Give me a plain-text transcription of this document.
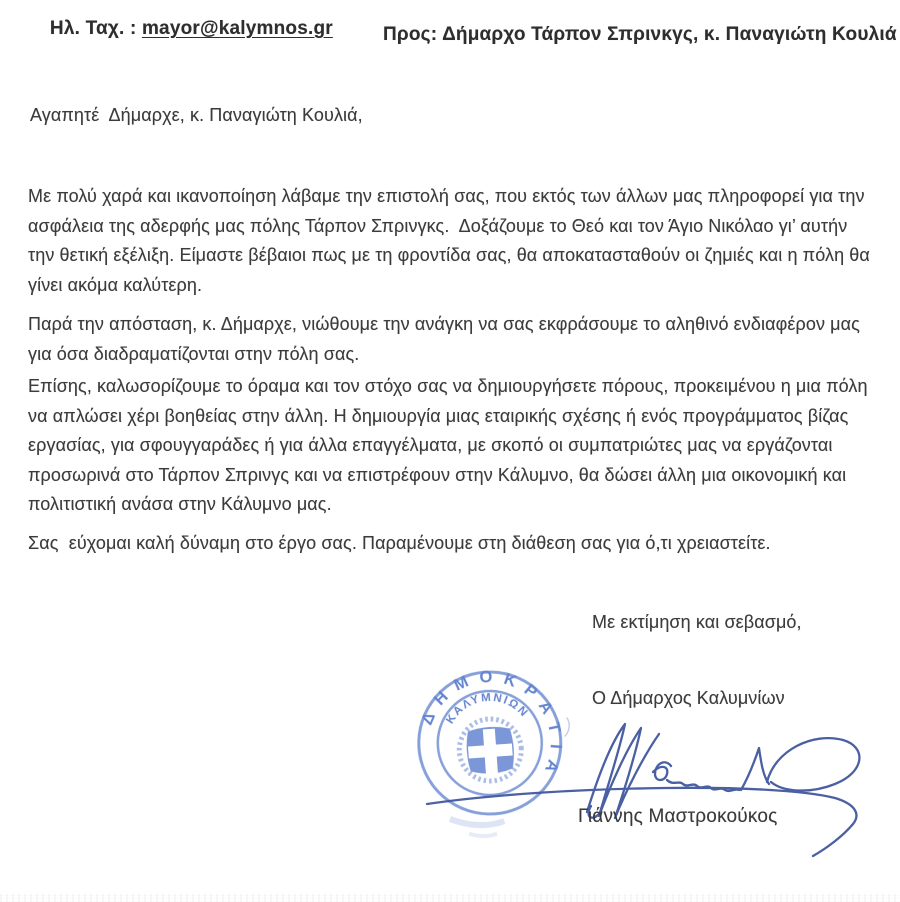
Ηλ. Ταχ. : mayor@kalymnos.gr
	Προς: Δήμαρχο Τάρπον Σπρινκγς, κ. Παναγιώτη Κουλιά
Αγαπητέ  Δήμαρχε, κ. Παναγιώτη Κουλιά,
Με πολύ χαρά και ικανοποίηση λάβαμε την επιστολή σας, που εκτός των άλλων μας πληροφορεί για την ασφάλεια της αδερφής μας πόλης Τάρπον Σπρινγκς.  Δοξάζουμε το Θεό και τον Άγιο Νικόλαο γι’ αυτήν την θετική εξέλιξη. Είμαστε βέβαιοι πως με τη φροντίδα σας, θα αποκατασταθούν οι ζημιές και η πόλη θα γίνει ακόμα καλύτερη.
Παρά την απόσταση, κ. Δήμαρχε, νιώθουμε την ανάγκη να σας εκφράσουμε το αληθινό ενδιαφέρον μας για όσα διαδραματίζονται στην πόλη σας.
Επίσης, καλωσορίζουμε το όραμα και τον στόχο σας να δημιουργήσετε πόρους, προκειμένου η μια πόλη να απλώσει χέρι βοηθείας στην άλλη. Η δημιουργία μιας εταιρικής σχέσης ή ενός προγράμματος βίζας εργασίας, για σφουγγαράδες ή για άλλα επαγγέλματα, με σκοπό οι συμπατριώτες μας να εργάζονται προσωρινά στο Τάρπον Σπρινγς και να επιστρέφουν στην Κάλυμνο, θα δώσει άλλη μια οικονομική και πολιτιστική ανάσα στην Κάλυμνο μας.
Σας  εύχομαι καλή δύναμη στο έργο σας. Παραμένουμε στη διάθεση σας για ό,τι χρειαστείτε.
Με εκτίμηση και σεβασμό,
Ο Δήμαρχος Καλυμνίων
ΔΗΜΟΚΡΑΤΙΑ
ΚΑΛΥΜΝΙΩΝ
Γιάννης Μαστροκούκος
